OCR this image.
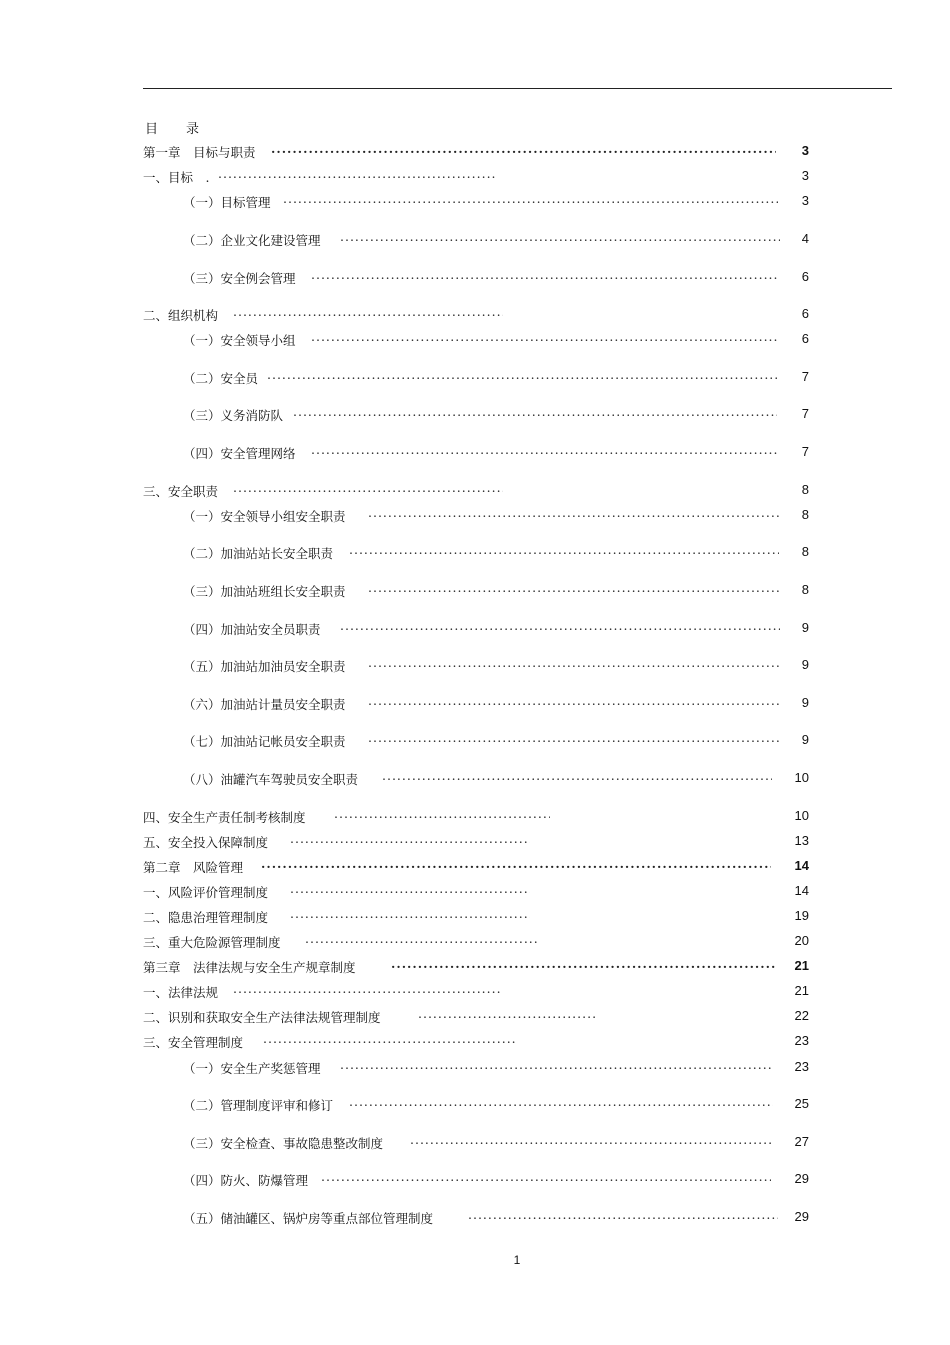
目录
第一章　目标与职责 .....	3
一、目标　. .....	3
（一）目标管理 .....	3
（二）企业文化建设管理 .....	4
（三）安全例会管理 .....	6
二、组织机构 .....	6
（一）安全领导小组 .....	6
（二）安全员 .....	7
（三）义务消防队 .....	7
（四）安全管理网络 .....	7
三、安全职责 .....	8
（一）安全领导小组安全职责 .....	8
（二）加油站站长安全职责 .....	8
（三）加油站班组长安全职责 .....	8
（四）加油站安全员职责 .....	9
（五）加油站加油员安全职责 .....	9
（六）加油站计量员安全职责 .....	9
（七）加油站记帐员安全职责 .....	9
（八）油罐汽车驾驶员安全职责 .....	10
四、安全生产责任制考核制度 .....	10
五、安全投入保障制度 .....	13
第二章　风险管理 .....	14
一、风险评价管理制度 .....	14
二、隐患治理管理制度 .....	19
三、重大危险源管理制度 .....	20
第三章　法律法规与安全生产规章制度 .....	21
一、法律法规 .....	21
二、识别和获取安全生产法律法规管理制度 .....	22
三、安全管理制度 .....	23
（一）安全生产奖惩管理 .....	23
（二）管理制度评审和修订 .....	25
（三）安全检查、事故隐患整改制度 .....	27
（四）防火、防爆管理 .....	29
（五）储油罐区、锅炉房等重点部位管理制度 .....	29
1
